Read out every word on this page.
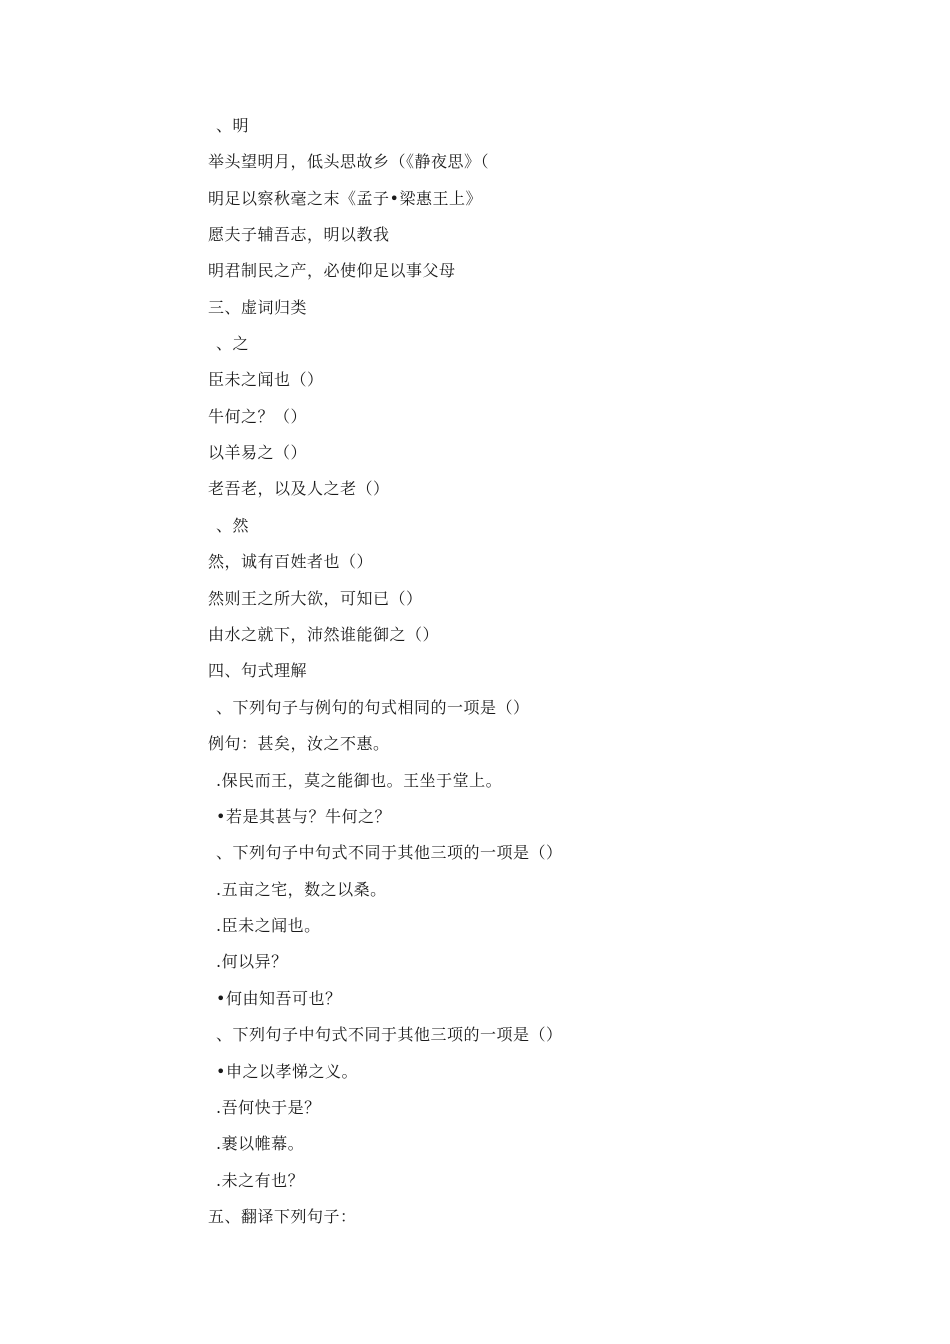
、明
举头望明月，低头思故乡（《静夜思》（
明足以察秋毫之末《孟子•梁惠王上》
愿夫子辅吾志，明以教我
明君制民之产，必使仰足以事父母
三、虚词归类
、之
臣未之闻也（）
牛何之？（）
以羊易之（）
老吾老，以及人之老（）
、然
然，诚有百姓者也（）
然则王之所大欲，可知已（）
由水之就下，沛然谁能御之（）
四、句式理解
、下列句子与例句的句式相同的一项是（）
例句：甚矣，汝之不惠。
.保民而王，莫之能御也。王坐于堂上。
•若是其甚与？牛何之？
、下列句子中句式不同于其他三项的一项是（）
.五亩之宅，数之以桑。
.臣未之闻也。
.何以异？
•何由知吾可也？
、下列句子中句式不同于其他三项的一项是（）
•申之以孝悌之义。
.吾何快于是？
.裹以帷幕。
.未之有也？
五、翻译下列句子：
